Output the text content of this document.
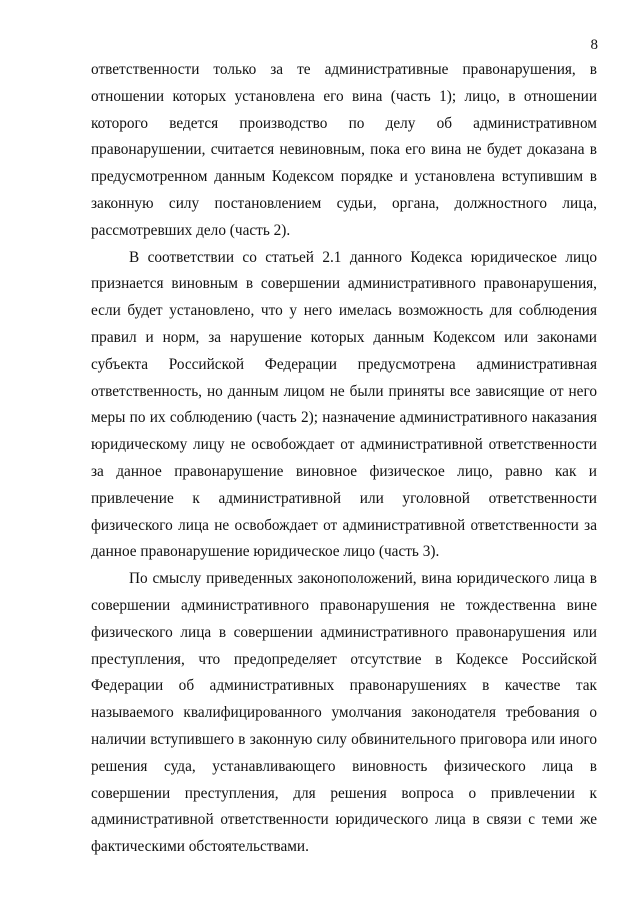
8

ответственности только за те административные правонарушения, в отношении которых установлена его вина (часть 1); лицо, в отношении которого ведется производство по делу об административном правонарушении, считается невиновным, пока его вина не будет доказана в предусмотренном данным Кодексом порядке и установлена вступившим в законную силу постановлением судьи, органа, должностного лица, рассмотревших дело (часть 2).

В соответствии со статьей 2.1 данного Кодекса юридическое лицо признается виновным в совершении административного правонарушения, если будет установлено, что у него имелась возможность для соблюдения правил и норм, за нарушение которых данным Кодексом или законами субъекта Российской Федерации предусмотрена административная ответственность, но данным лицом не были приняты все зависящие от него меры по их соблюдению (часть 2); назначение административного наказания юридическому лицу не освобождает от административной ответственности за данное правонарушение виновное физическое лицо, равно как и привлечение к административной или уголовной ответственности физического лица не освобождает от административной ответственности за данное правонарушение юридическое лицо (часть 3).

По смыслу приведенных законоположений, вина юридического лица в совершении административного правонарушения не тождественна вине физического лица в совершении административного правонарушения или преступления, что предопределяет отсутствие в Кодексе Российской Федерации об административных правонарушениях в качестве так называемого квалифицированного умолчания законодателя требования о наличии вступившего в законную силу обвинительного приговора или иного решения суда, устанавливающего виновность физического лица в совершении преступления, для решения вопроса о привлечении к административной ответственности юридического лица в связи с теми же фактическими обстоятельствами.
